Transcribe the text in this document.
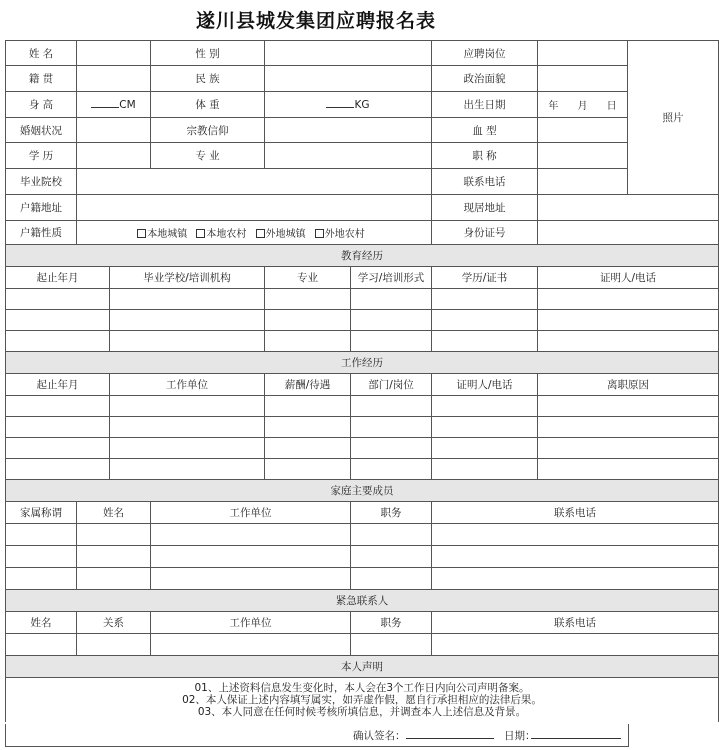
遂川县城发集团应聘报名表
姓 名			性 别			应聘岗位		照片
籍 贯			民 族			政治面貌		
身 高	CM		体 重	KG		出生日期	年 月 日	
婚姻状况			宗教信仰			血 型		
学 历			专 业			职 称		
毕业院校						联系电话		
户籍地址						现居地址		
户籍性质	本地城镇 本地农村 外地城镇 外地农村					身份证号		
教育经历								
起止年月		毕业学校/培训机构		专业	学习/培训形式	学历/证书	证明人/电话	

工作经历								
起止年月		工作单位		薪酬/待遇	部门/岗位	证明人/电话	离职原因	

家庭主要成员								
家属称谓	姓名		工作单位		职务	联系电话		

紧急联系人								
姓名	关系		工作单位		职务	联系电话		

本人声明								

01、上述资料信息发生变化时，本人会在3个工作日内向公司声明备案。
02、本人保证上述内容填写属实，如弄虚作假，愿自行承担相应的法律后果。
03、本人同意在任何时候考核所填信息，并调查本人上述信息及背景。								
确认签名：	日期：
